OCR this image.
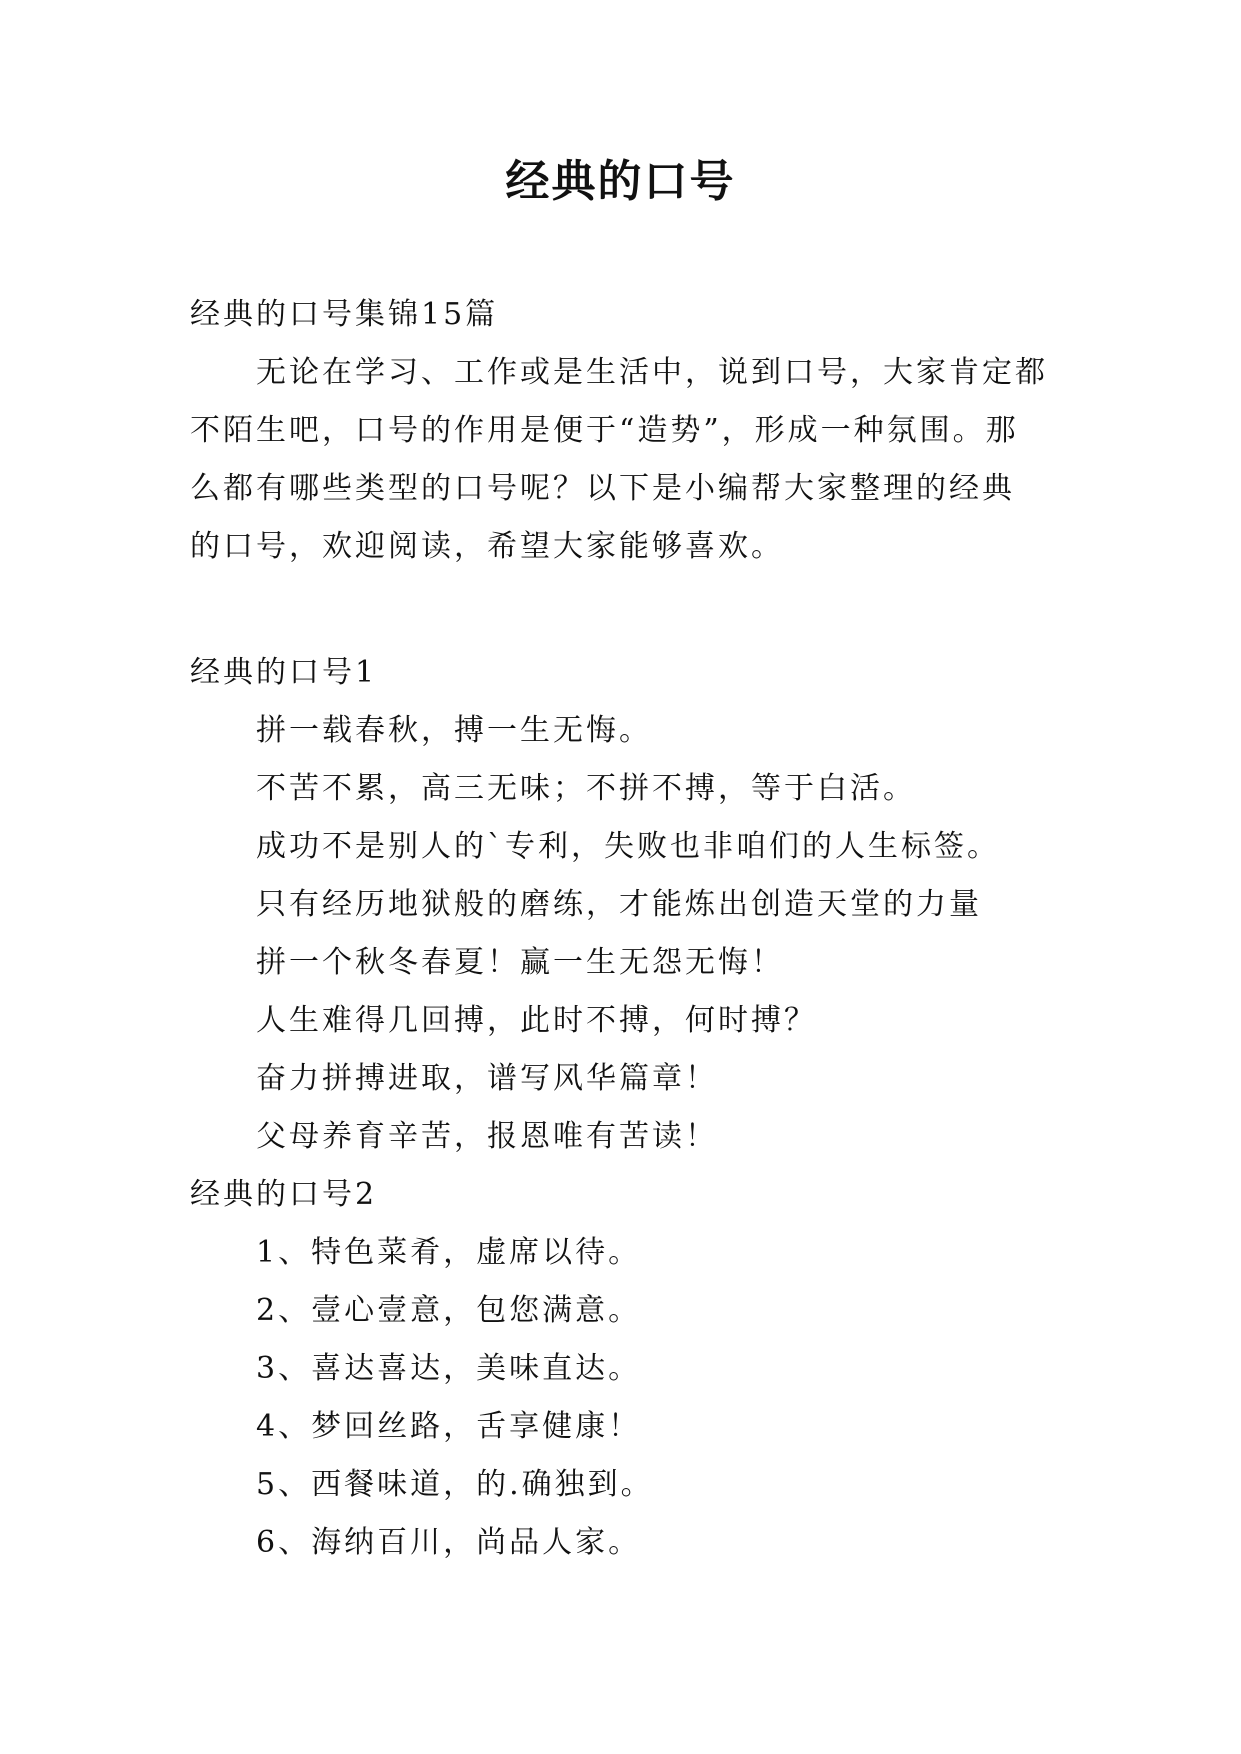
经典的口号
经典的口号集锦15篇
无论在学习、工作或是生活中，说到口号，大家肯定都
不陌生吧，口号的作用是便于“造势”，形成一种氛围。那
么都有哪些类型的口号呢？以下是小编帮大家整理的经典
的口号，欢迎阅读，希望大家能够喜欢。
经典的口号1
拼一载春秋，搏一生无悔。
不苦不累，高三无味；不拼不搏，等于白活。
成功不是别人的`专利，失败也非咱们的人生标签。
只有经历地狱般的磨练，才能炼出创造天堂的力量
拼一个秋冬春夏！赢一生无怨无悔！
人生难得几回搏，此时不搏，何时搏？
奋力拼搏进取，谱写风华篇章！
父母养育辛苦，报恩唯有苦读！
经典的口号2
1、特色菜肴，虚席以待。
2、壹心壹意，包您满意。
3、喜达喜达，美味直达。
4、梦回丝路，舌享健康！
5、西餐味道，的.确独到。
6、海纳百川，尚品人家。
